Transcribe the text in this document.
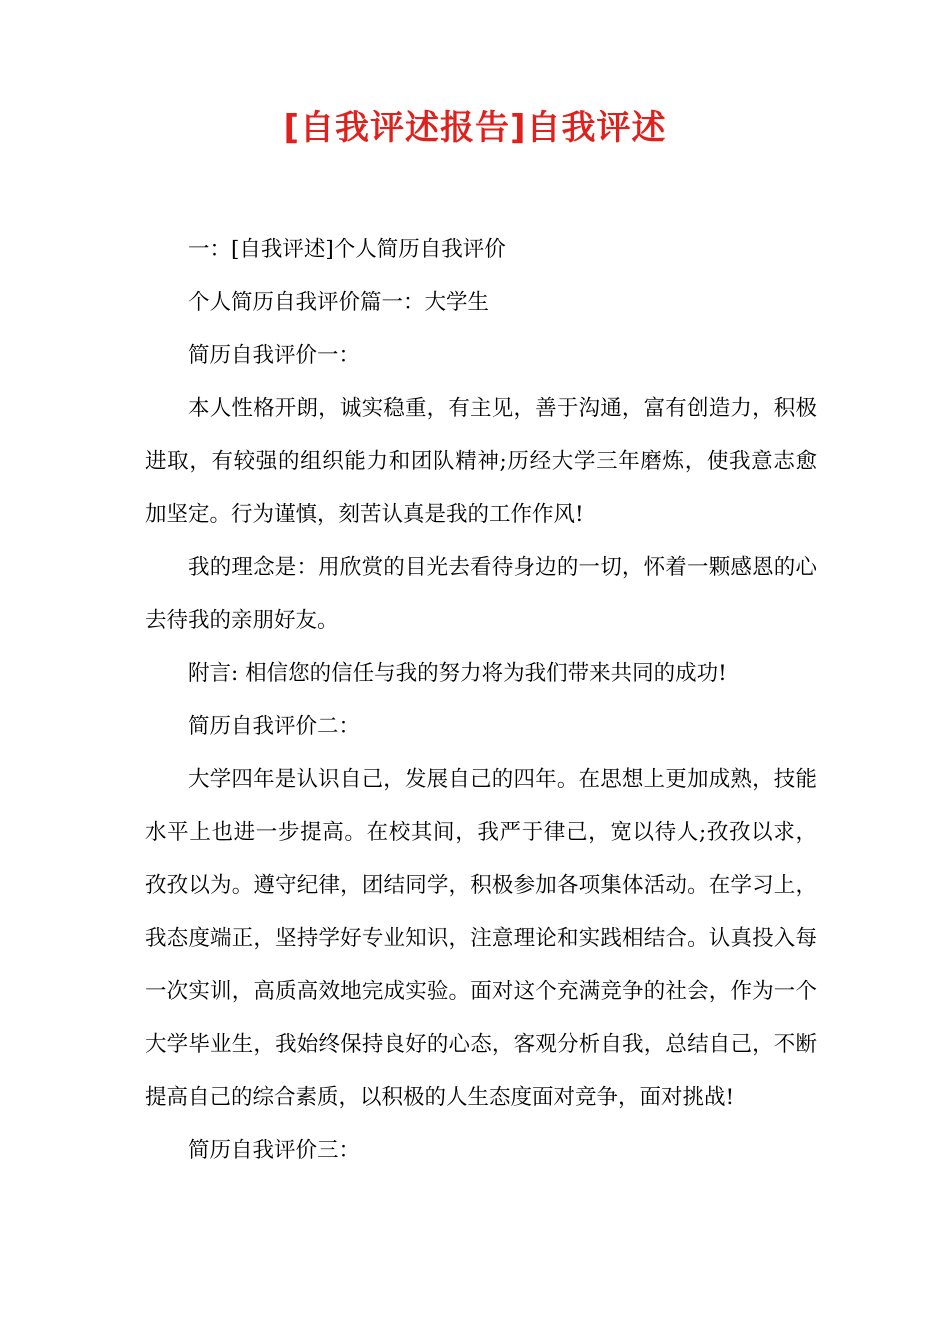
[自我评述报告]自我评述

一：[自我评述]个人简历自我评价

个人简历自我评价篇一：大学生

简历自我评价一：

本人性格开朗，诚实稳重，有主见，善于沟通，富有创造力，积极进取，有较强的组织能力和团队精神;历经大学三年磨炼，使我意志愈加坚定。行为谨慎，刻苦认真是我的工作作风!

我的理念是：用欣赏的目光去看待身边的一切，怀着一颗感恩的心去待我的亲朋好友。

附言: 相信您的信任与我的努力将为我们带来共同的成功!

简历自我评价二：

大学四年是认识自己，发展自己的四年。在思想上更加成熟，技能水平上也进一步提高。在校其间，我严于律己，宽以待人;孜孜以求，孜孜以为。遵守纪律，团结同学，积极参加各项集体活动。在学习上，我态度端正，坚持学好专业知识，注意理论和实践相结合。认真投入每一次实训，高质高效地完成实验。面对这个充满竞争的社会，作为一个大学毕业生，我始终保持良好的心态，客观分析自我，总结自己，不断提高自己的综合素质，以积极的人生态度面对竞争，面对挑战!

简历自我评价三：
